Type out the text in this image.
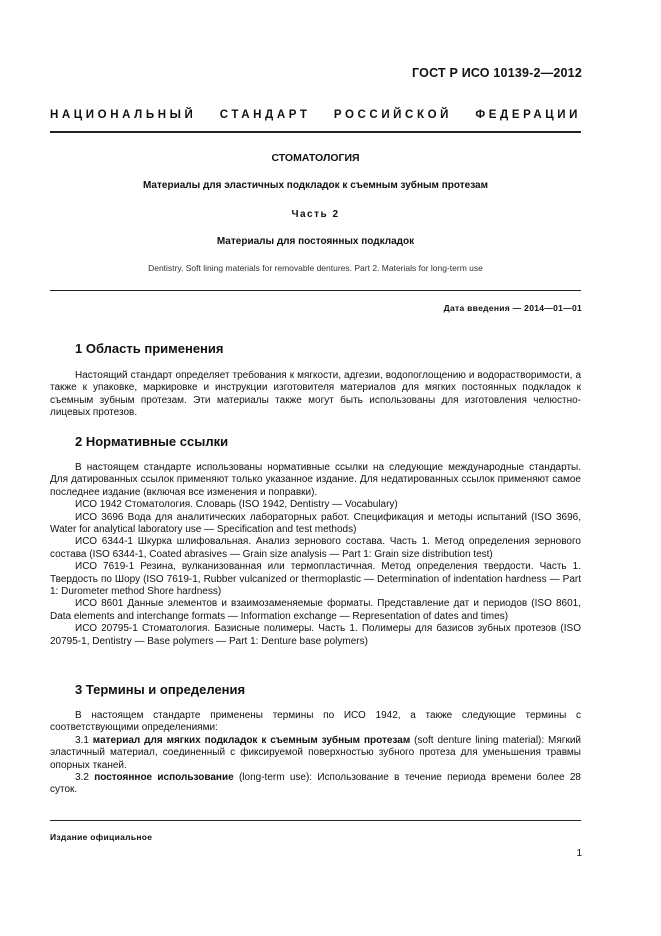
ГОСТ Р ИСО 10139-2—2012
НАЦИОНАЛЬНЫЙ СТАНДАРТ РОССИЙСКОЙ ФЕДЕРАЦИИ
СТОМАТОЛОГИЯ
Материалы для эластичных подкладок к съемным зубным протезам
Часть 2
Материалы для постоянных подкладок
Dentistry. Soft lining materials for removable dentures. Part 2. Materials for long-term use
Дата введения — 2014—01—01
1 Область применения

Настоящий стандарт определяет требования к мягкости, адгезии, водопоглощению и водорастворимости, а также к упаковке, маркировке и инструкции изготовителя материалов для мягких постоянных подкладок к съемным зубным протезам. Эти материалы также могут быть использованы для изготовления челюстно-лицевых протезов.

2 Нормативные ссылки

В настоящем стандарте использованы нормативные ссылки на следующие международные стандарты. Для датированных ссылок применяют только указанное издание. Для недатированных ссылок применяют самое последнее издание (включая все изменения и поправки).

ИСО 1942 Стоматология. Словарь (ISO 1942, Dentistry — Vocabulary)

ИСО 3696 Вода для аналитических лабораторных работ. Спецификация и методы испытаний (ISO 3696, Water for analytical laboratory use — Specification and test methods)

ИСО 6344-1 Шкурка шлифовальная. Анализ зернового состава. Часть 1. Метод определения зернового состава (ISO 6344-1, Coated abrasives — Grain size analysis — Part 1: Grain size distribution test)

ИСО 7619-1 Резина, вулканизованная или термопластичная. Метод определения твердости. Часть 1. Твердость по Шору (ISO 7619-1, Rubber vulcanized or thermoplastic — Determination of indentation hardness — Part 1: Durometer method Shore hardness)

ИСО 8601 Данные элементов и взаимозаменяемые форматы. Представление дат и периодов (ISO 8601, Data elements and interchange formats — Information exchange — Representation of dates and times)

ИСО 20795-1 Стоматология. Базисные полимеры. Часть 1. Полимеры для базисов зубных протезов (ISO 20795-1, Dentistry — Base polymers — Part 1: Denture base polymers)

3 Термины и определения

В настоящем стандарте применены термины по ИСО 1942, а также следующие термины с соответствующими определениями:

3.1 материал для мягких подкладок к съемным зубным протезам (soft denture lining material): Мягкий эластичный материал, соединенный с фиксируемой поверхностью зубного протеза для уменьшения травмы опорных тканей.

3.2 постоянное использование (long-term use): Использование в течение периода времени более 28 суток.

Издание официальное
1
